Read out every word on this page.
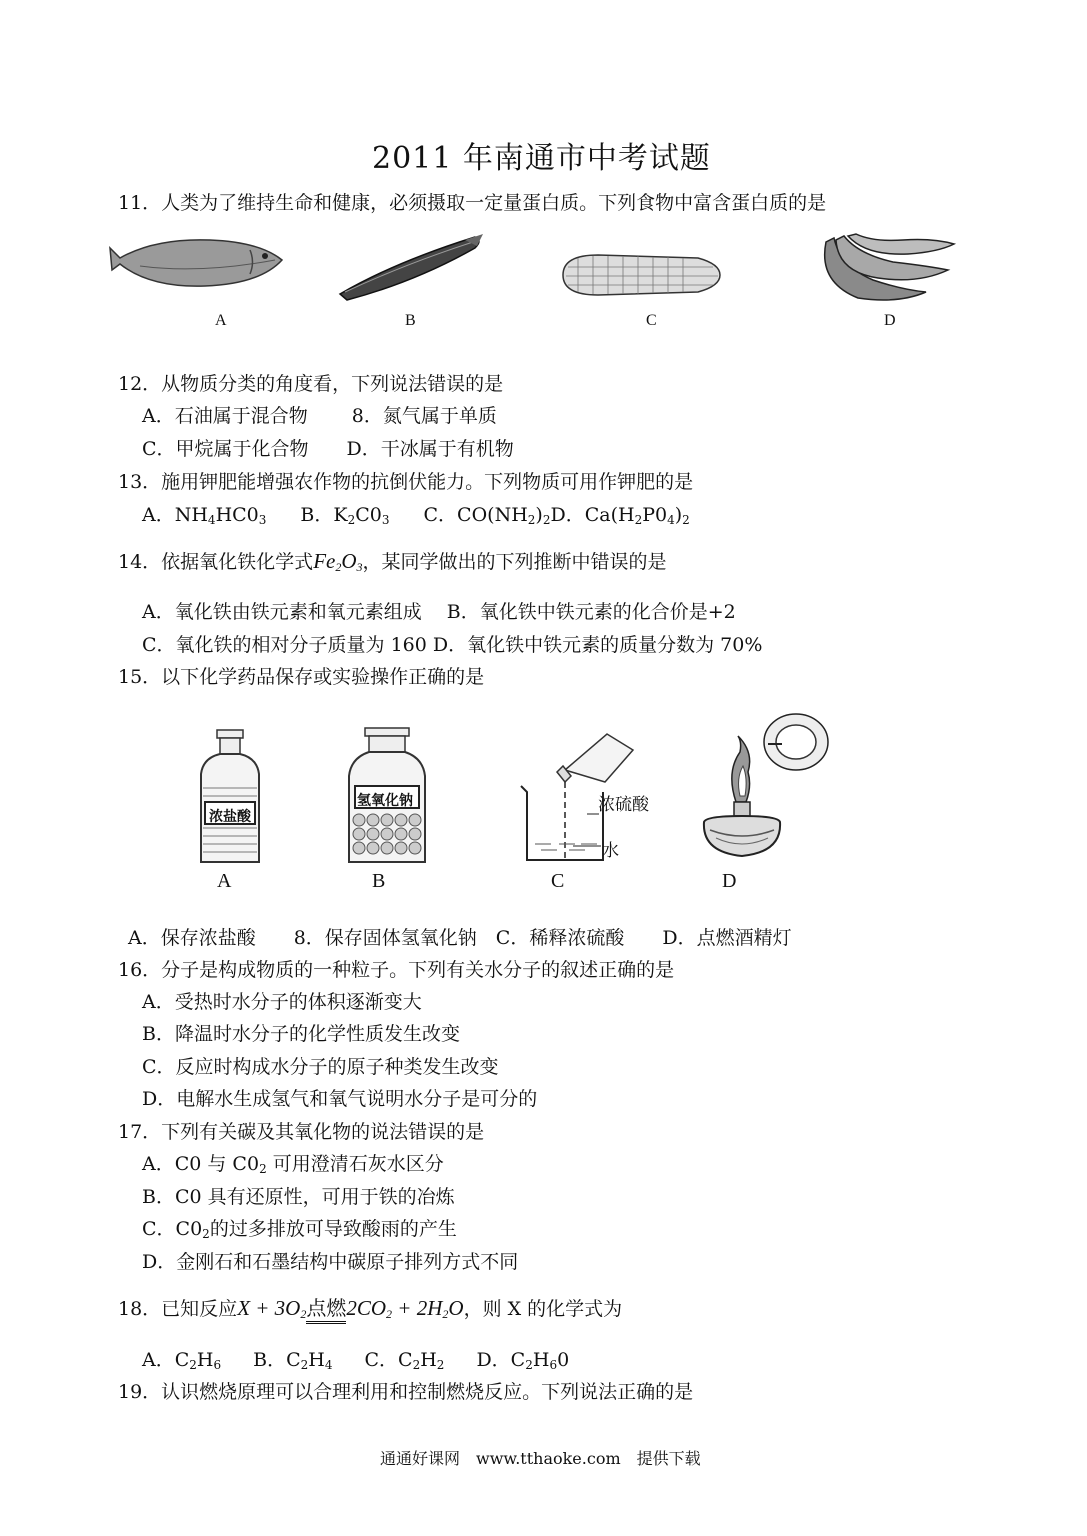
2011 年南通市中考试题
11．人类为了维持生命和健康，必须摄取一定量蛋白质。下列食物中富含蛋白质的是
A	B	C	D
12．从物质分类的角度看，下列说法错误的是
A．石油属于混合物　　 8．氮气属于单质
C．甲烷属于化合物　　D．干冰属于有机物
13．施用钾肥能增强农作物的抗倒伏能力。下列物质可用作钾肥的是
A．$NH_4HC0_3$ B．$K_2C0_3$ C．$CO(NH_2)_2D$．$Ca(H_2P0_4)_2$
14．依据氧化铁化学式$Fe_2O_3$，某同学做出的下列推断中错误的是
A．氧化铁由铁元素和氧元素组成　 B．氧化铁中铁元素的化合价是+2
C．氧化铁的相对分子质量为 160 D．氧化铁中铁元素的质量分数为 70%
15．以下化学药品保存或实验操作正确的是
浓盐酸
氢氧化钠	浓硫酸
水
A	B	C	D
A．保存浓盐酸　　8．保存固体氢氧化钠　C．稀释浓硫酸　　D．点燃酒精灯
16．分子是构成物质的一种粒子。下列有关水分子的叙述正确的是
A．受热时水分子的体积逐渐变大
B．降温时水分子的化学性质发生改变
C．反应时构成水分子的原子种类发生改变
D．电解水生成氢气和氧气说明水分子是可分的
17．下列有关碳及其氧化物的说法错误的是
A．C0 与 $C0_2$ 可用澄清石灰水区分
B．C0 具有还原性，可用于铁的冶炼
C．$C0_2$的过多排放可导致酸雨的产生
D．金刚石和石墨结构中碳原子排列方式不同
18．已知反应$X + 3O_2$点燃$2CO_2 + 2H_2O$，则 X 的化学式为
A．$C_2H_6$ B．$C_2H_4$ C．$C_2H_2$ D．$C_2H_60$
19．认识燃烧原理可以合理利用和控制燃烧反应。下列说法正确的是
通通好课网　www.tthaoke.com　提供下载
